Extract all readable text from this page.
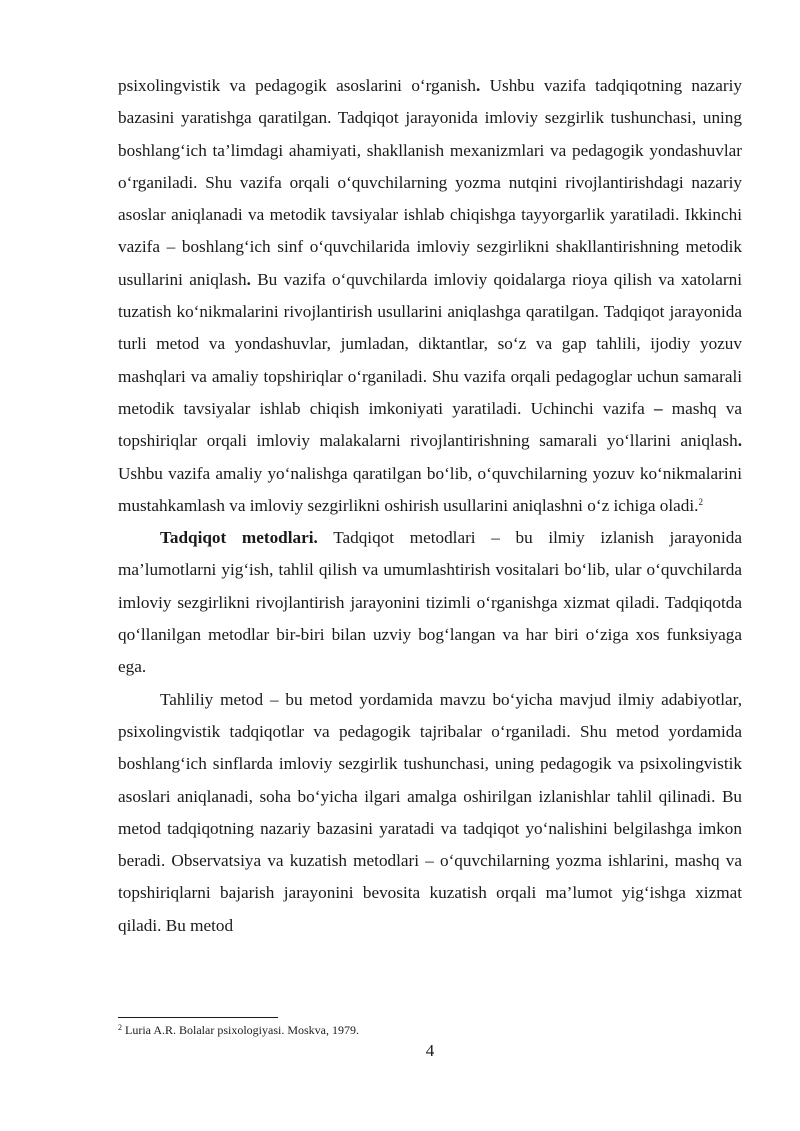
psixolingvistik va pedagogik asoslarini o‘rganish. Ushbu vazifa tadqiqotning nazariy bazasini yaratishga qaratilgan. Tadqiqot jarayonida imloviy sezgirlik tushunchasi, uning boshlang‘ich ta’limdagi ahamiyati, shakllanish mexanizmlari va pedagogik yondashuvlar o‘rganiladi. Shu vazifa orqali o‘quvchilarning yozma nutqini rivojlantirishdagi nazariy asoslar aniqlanadi va metodik tavsiyalar ishlab chiqishga tayyorgarlik yaratiladi. Ikkinchi vazifa – boshlang‘ich sinf o‘quvchilarida imloviy sezgirlikni shakllantirishning metodik usullarini aniqlash. Bu vazifa o‘quvchilarda imloviy qoidalarga rioya qilish va xatolarni tuzatish ko‘nikmalarini rivojlantirish usullarini aniqlashga qaratilgan. Tadqiqot jarayonida turli metod va yondashuvlar, jumladan, diktantlar, so‘z va gap tahlili, ijodiy yozuv mashqlari va amaliy topshiriqlar o‘rganiladi. Shu vazifa orqali pedagoglar uchun samarali metodik tavsiyalar ishlab chiqish imkoniyati yaratiladi. Uchinchi vazifa – mashq va topshiriqlar orqali imloviy malakalarni rivojlantirishning samarali yo‘llarini aniqlash. Ushbu vazifa amaliy yo‘nalishga qaratilgan bo‘lib, o‘quvchilarning yozuv ko‘nikmalarini mustahkamlash va imloviy sezgirlikni oshirish usullarini aniqlashni o‘z ichiga oladi.$^2$

Tadqiqot metodlari. Tadqiqot metodlari – bu ilmiy izlanish jarayonida ma’lumotlarni yig‘ish, tahlil qilish va umumlashtirish vositalari bo‘lib, ular o‘quvchilarda imloviy sezgirlikni rivojlantirish jarayonini tizimli o‘rganishga xizmat qiladi. Tadqiqotda qo‘llanilgan metodlar bir-biri bilan uzviy bog‘langan va har biri o‘ziga xos funksiyaga ega.

Tahliliy metod – bu metod yordamida mavzu bo‘yicha mavjud ilmiy adabiyotlar, psixolingvistik tadqiqotlar va pedagogik tajribalar o‘rganiladi. Shu metod yordamida boshlang‘ich sinflarda imloviy sezgirlik tushunchasi, uning pedagogik va psixolingvistik asoslari aniqlanadi, soha bo‘yicha ilgari amalga oshirilgan izlanishlar tahlil qilinadi. Bu metod tadqiqotning nazariy bazasini yaratadi va tadqiqot yo‘nalishini belgilashga imkon beradi. Observatsiya va kuzatish metodlari – o‘quvchilarning yozma ishlarini, mashq va topshiriqlarni bajarish jarayonini bevosita kuzatish orqali ma’lumot yig‘ishga xizmat qiladi. Bu metod

$^2$ Luria A.R. Bolalar psixologiyasi. Moskva, 1979.
4
